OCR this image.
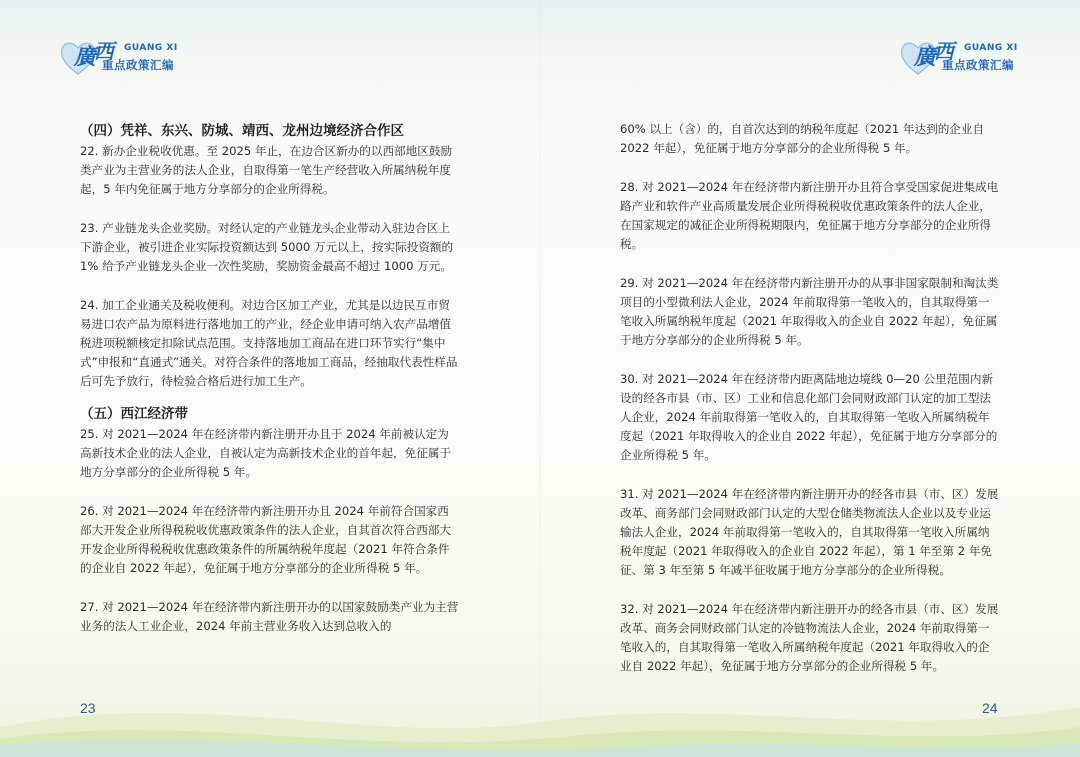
廣西 GUANG XI
重点政策汇编	廣西 GUANG XI
重点政策汇编

（四）凭祥、东兴、防城、靖西、龙州边境经济合作区

22. 新办企业税收优惠。至 2025 年止，在边合区新办的以西部地区鼓励类产业为主营业务的法人企业，自取得第一笔生产经营收入所属纳税年度起，5 年内免征属于地方分享部分的企业所得税。

23. 产业链龙头企业奖励。对经认定的产业链龙头企业带动入驻边合区上下游企业，被引进企业实际投资额达到 5000 万元以上，按实际投资额的 1% 给予产业链龙头企业一次性奖励，奖励资金最高不超过 1000 万元。

24. 加工企业通关及税收便利。对边合区加工产业，尤其是以边民互市贸易进口农产品为原料进行落地加工的产业，经企业申请可纳入农产品增值税进项税额核定扣除试点范围。支持落地加工商品在进口环节实行“集中式”申报和“直通式”通关。对符合条件的落地加工商品，经抽取代表性样品后可先予放行，待检验合格后进行加工生产。

（五）西江经济带

25. 对 2021—2024 年在经济带内新注册开办且于 2024 年前被认定为高新技术企业的法人企业，自被认定为高新技术企业的首年起，免征属于地方分享部分的企业所得税 5 年。

26. 对 2021—2024 年在经济带内新注册开办且 2024 年前符合国家西部大开发企业所得税税收优惠政策条件的法人企业，自其首次符合西部大开发企业所得税税收优惠政策条件的所属纳税年度起（2021 年符合条件的企业自 2022 年起），免征属于地方分享部分的企业所得税 5 年。

27. 对 2021—2024 年在经济带内新注册开办的以国家鼓励类产业为主营业务的法人工业企业，2024 年前主营业务收入达到总收入的

60% 以上（含）的，自首次达到的纳税年度起（2021 年达到的企业自 2022 年起），免征属于地方分享部分的企业所得税 5 年。

28. 对 2021—2024 年在经济带内新注册开办且符合享受国家促进集成电路产业和软件产业高质量发展企业所得税税收优惠政策条件的法人企业，在国家规定的减征企业所得税期限内，免征属于地方分享部分的企业所得税。

29. 对 2021—2024 年在经济带内新注册开办的从事非国家限制和淘汰类项目的小型微利法人企业，2024 年前取得第一笔收入的，自其取得第一笔收入所属纳税年度起（2021 年取得收入的企业自 2022 年起），免征属于地方分享部分的企业所得税 5 年。

30. 对 2021—2024 年在经济带内距离陆地边境线 0—20 公里范围内新设的经各市县（市、区）工业和信息化部门会同财政部门认定的加工型法人企业，2024 年前取得第一笔收入的，自其取得第一笔收入所属纳税年度起（2021 年取得收入的企业自 2022 年起），免征属于地方分享部分的企业所得税 5 年。

31. 对 2021—2024 年在经济带内新注册开办的经各市县（市、区）发展改革、商务部门会同财政部门认定的大型仓储类物流法人企业以及专业运输法人企业，2024 年前取得第一笔收入的，自其取得第一笔收入所属纳税年度起（2021 年取得收入的企业自 2022 年起），第 1 年至第 2 年免征、第 3 年至第 5 年减半征收属于地方分享部分的企业所得税。

32. 对 2021—2024 年在经济带内新注册开办的经各市县（市、区）发展改革、商务会同财政部门认定的冷链物流法人企业，2024 年前取得第一笔收入的，自其取得第一笔收入所属纳税年度起（2021 年取得收入的企业自 2022 年起），免征属于地方分享部分的企业所得税 5 年。

23	24
